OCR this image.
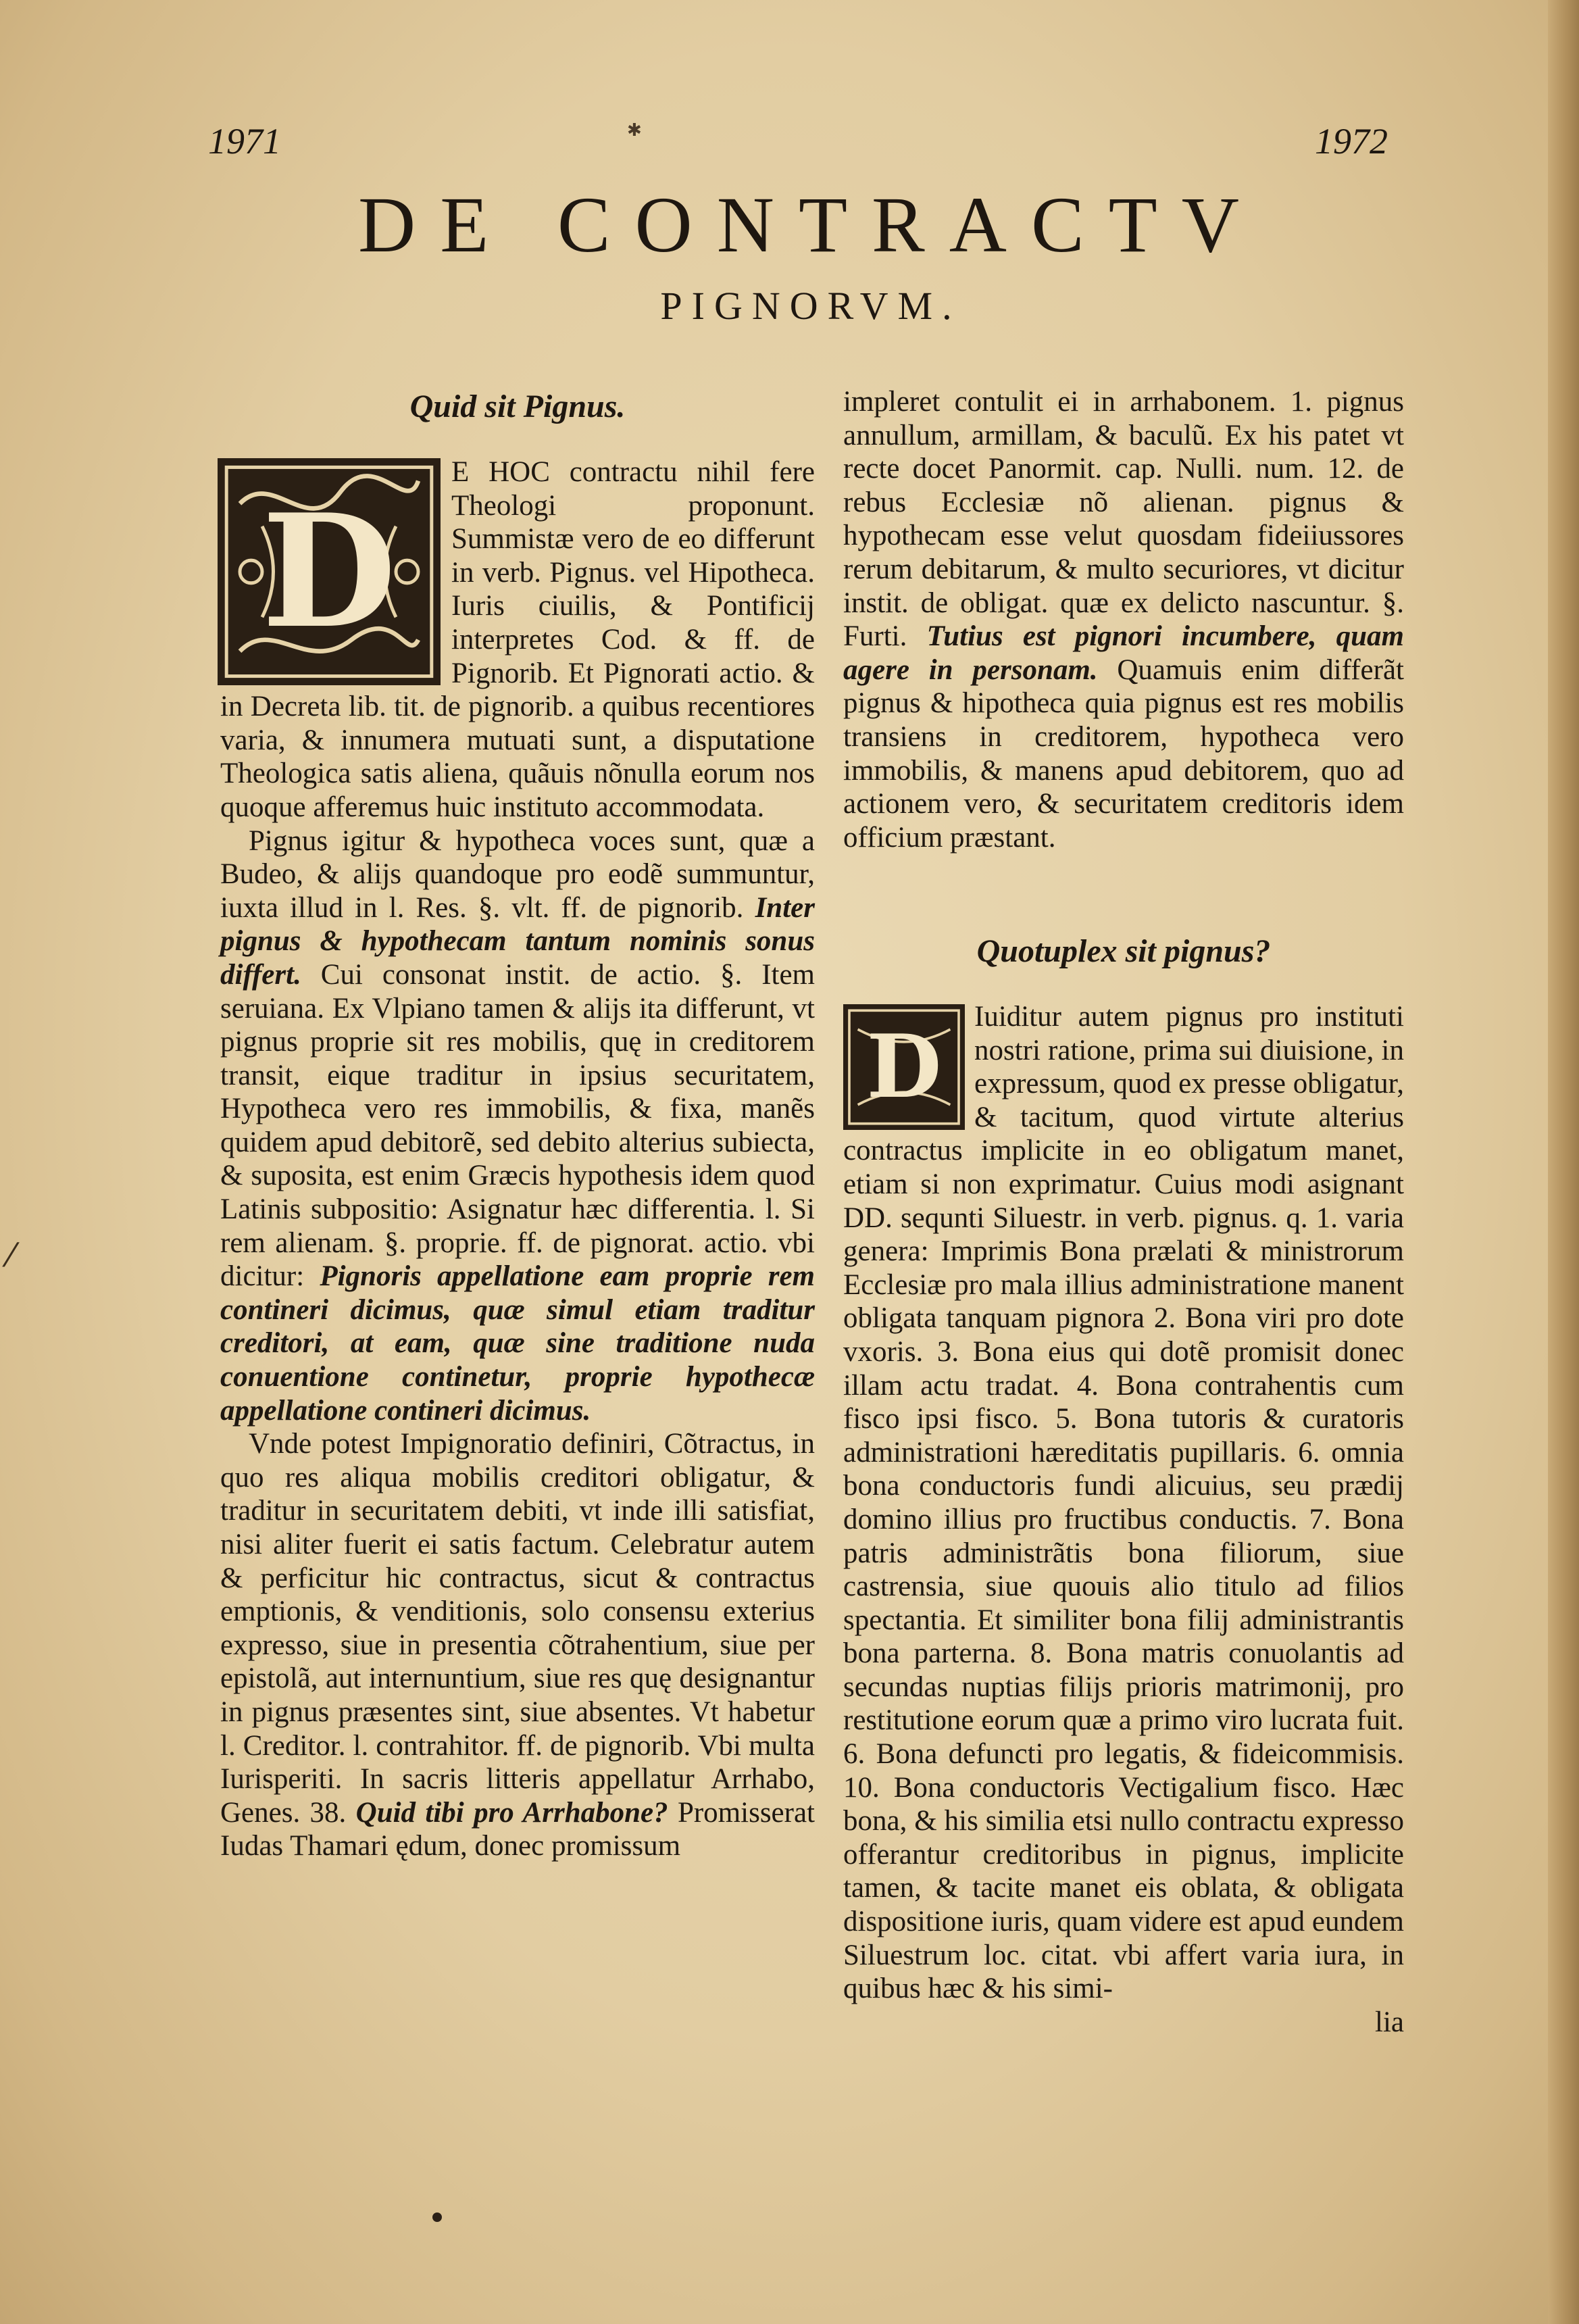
1971	✱	1972
DE CONTRACTV
PIGNORVM.

Quid sit Pignus.

D
E HOC contractu nihil fere Theologi proponunt. Summistæ vero de eo differunt in verb. Pignus. vel Hipotheca. Iuris ciuilis, & Pontificij interpretes Cod. & ff. de Pignorib. Et Pignorati actio. & in Decreta lib. tit. de pignorib. a quibus recentiores varia, & innumera mutuati sunt, a disputatione Theologica satis aliena, quãuis nõnulla eorum nos quoque afferemus huic instituto accommodata.

Pignus igitur & hypotheca voces sunt, quæ a Budeo, & alijs quandoque pro eodẽ summuntur, iuxta illud in l. Res. §. vlt. ff. de pignorib. Inter pignus & hypothecam tantum nominis sonus differt. Cui consonat instit. de actio. §. Item seruiana. Ex Vlpiano tamen & alijs ita differunt, vt pignus proprie sit res mobilis, quę in creditorem transit, eique traditur in ipsius securitatem, Hypotheca vero res immobilis, & fixa, manẽs quidem apud debitorẽ, sed debito alterius subiecta, & suposita, est enim Græcis hypothesis idem quod Latinis subpositio: Asignatur hæc differentia. l. Si rem alienam. §. proprie. ff. de pignorat. actio. vbi dicitur: Pignoris appellatione eam proprie rem contineri dicimus, quæ simul etiam traditur creditori, at eam, quæ sine traditione nuda conuentione continetur, proprie hypothecæ appellatione contineri dicimus.

Vnde potest Impignoratio definiri, Cõtractus, in quo res aliqua mobilis creditori obligatur, & traditur in securitatem debiti, vt inde illi satisfiat, nisi aliter fuerit ei satis factum. Celebratur autem & perficitur hic contractus, sicut & contractus emptionis, & venditionis, solo consensu exterius expresso, siue in presentia cõtrahentium, siue per epistolã, aut internuntium, siue res quę designantur in pignus præsentes sint, siue absentes. Vt habetur l. Creditor. l. contrahitor. ff. de pignorib. Vbi multa Iurisperiti. In sacris litteris appellatur Arrhabo, Genes. 38. Quid tibi pro Arrhabone? Promisserat Iudas Thamari ędum, donec promissum

impleret contulit ei in arrhabonem. 1. pignus annullum, armillam, & baculũ. Ex his patet vt recte docet Panormit. cap. Nulli. num. 12. de rebus Ecclesiæ nõ alienan. pignus & hypothecam esse velut quosdam fideiiussores rerum debitarum, & multo securiores, vt dicitur instit. de obligat. quæ ex delicto nascuntur. §. Furti. Tutius est pignori incumbere, quam agere in personam. Quamuis enim differãt pignus & hipotheca quia pignus est res mobilis transiens in creditorem, hypotheca vero immobilis, & manens apud debitorem, quo ad actionem vero, & securitatem creditoris idem officium præstant.

Quotuplex sit pignus?

D	Iuiditur autem pignus pro instituti nostri ratione, prima sui diuisione, in expressum, quod ex presse obligatur, & tacitum, quod virtute alterius contractus implicite in eo obligatum manet, etiam si non exprimatur. Cuius modi asignant DD. sequnti Siluestr. in verb. pignus. q. 1. varia genera: Imprimis Bona prælati & ministrorum Ecclesiæ pro mala illius administratione manent obligata tanquam pignora 2. Bona viri pro dote vxoris. 3. Bona eius qui dotẽ promisit donec illam actu tradat. 4. Bona contrahentis cum fisco ipsi fisco. 5. Bona tutoris & curatoris administrationi hæreditatis pupillaris. 6. omnia bona conductoris fundi alicuius, seu prædij domino illius pro fructibus conductis. 7. Bona patris administrãtis bona filiorum, siue castrensia, siue quouis alio titulo ad filios spectantia. Et similiter bona filij administrantis bona parterna. 8. Bona matris conuolantis ad secundas nuptias filijs prioris matrimonij, pro restitutione eorum quæ a primo viro lucrata fuit. 6. Bona defuncti pro legatis, & fideicommisis. 10. Bona conductoris Vectigalium fisco. Hæc bona, & his similia etsi nullo contractu expresso offerantur creditoribus in pignus, implicite tamen, & tacite manet eis oblata, & obligata dispositione iuris, quam videre est apud eundem Siluestrum loc. citat. vbi affert varia iura, in quibus hæc & his simi-

lia
⁄
